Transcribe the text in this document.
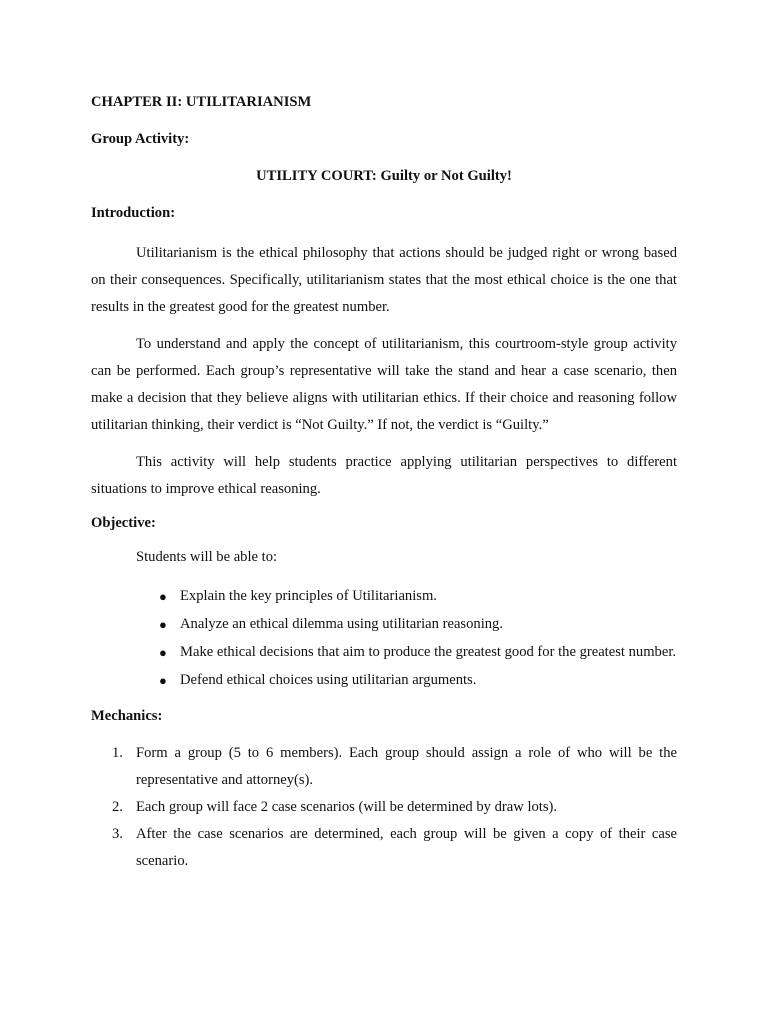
CHAPTER II: UTILITARIANISM
Group Activity:
UTILITY COURT: Guilty or Not Guilty!
Introduction:

Utilitarianism is the ethical philosophy that actions should be judged right or wrong based on their consequences. Specifically, utilitarianism states that the most ethical choice is the one that results in the greatest good for the greatest number.

To understand and apply the concept of utilitarianism, this courtroom-style group activity can be performed. Each group’s representative will take the stand and hear a case scenario, then make a decision that they believe aligns with utilitarian ethics. If their choice and reasoning follow utilitarian thinking, their verdict is “Not Guilty.” If not, the verdict is “Guilty.”

This activity will help students practice applying utilitarian perspectives to different situations to improve ethical reasoning.

Objective:

Students will be able to:

● Explain the key principles of Utilitarianism.
● Analyze an ethical dilemma using utilitarian reasoning.
● Make ethical decisions that aim to produce the greatest good for the greatest number.
● Defend ethical choices using utilitarian arguments.
Mechanics:
1. Form a group (5 to 6 members). Each group should assign a role of who will be the representative and attorney(s).
2. Each group will face 2 case scenarios (will be determined by draw lots).
3. After the case scenarios are determined, each group will be given a copy of their case scenario.
